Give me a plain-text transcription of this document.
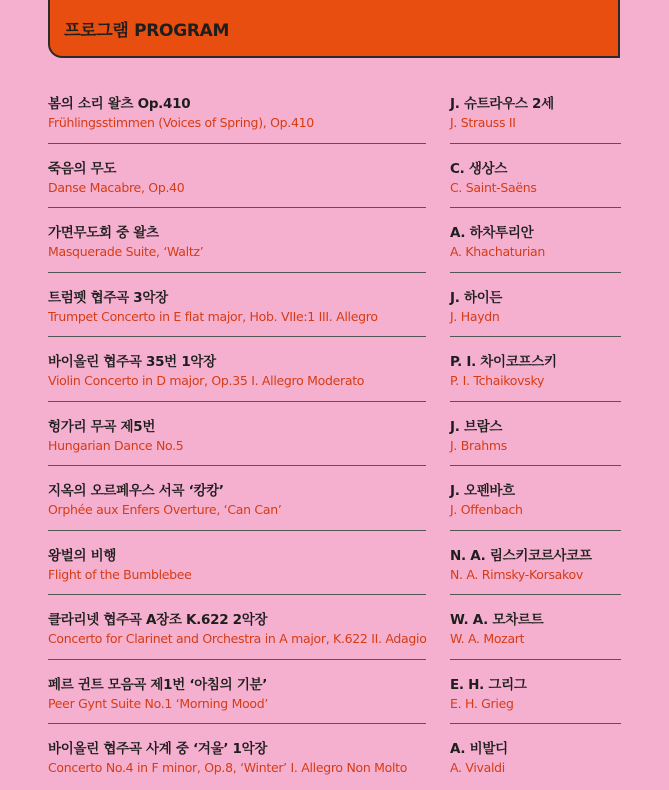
프로그램 PROGRAM
봄의 소리 왈츠 Op.410
Frühlingsstimmen (Voices of Spring), Op.410
J. 슈트라우스 2세
J. Strauss II
죽음의 무도
Danse Macabre, Op.40
C. 생상스
C. Saint-Saëns
가면무도회 중 왈츠
Masquerade Suite, ‘Waltz’
A. 하차투리안
A. Khachaturian
트럼펫 협주곡 3악장
Trumpet Concerto in E flat major, Hob. VIIe:1 III. Allegro
J. 하이든
J. Haydn
바이올린 협주곡 35번 1악장
Violin Concerto in D major, Op.35 I. Allegro Moderato
P. I. 차이코프스키
P. I. Tchaikovsky
헝가리 무곡 제5번
Hungarian Dance No.5
J. 브람스
J. Brahms
지옥의 오르페우스 서곡 ‘캉캉’
Orphée aux Enfers Overture, ‘Can Can’
J. 오펜바흐
J. Offenbach
왕벌의 비행
Flight of the Bumblebee
N. A. 림스키코르사코프
N. A. Rimsky-Korsakov
클라리넷 협주곡 A장조 K.622 2악장
Concerto for Clarinet and Orchestra in A major, K.622 II. Adagio
W. A. 모차르트
W. A. Mozart
페르 귄트 모음곡 제1번 ‘아침의 기분’
Peer Gynt Suite No.1 ‘Morning Mood’
E. H. 그리그
E. H. Grieg
바이올린 협주곡 사계 중 ‘겨울’ 1악장
Concerto No.4 in F minor, Op.8, ‘Winter’ I. Allegro Non Molto
A. 비발디
A. Vivaldi
